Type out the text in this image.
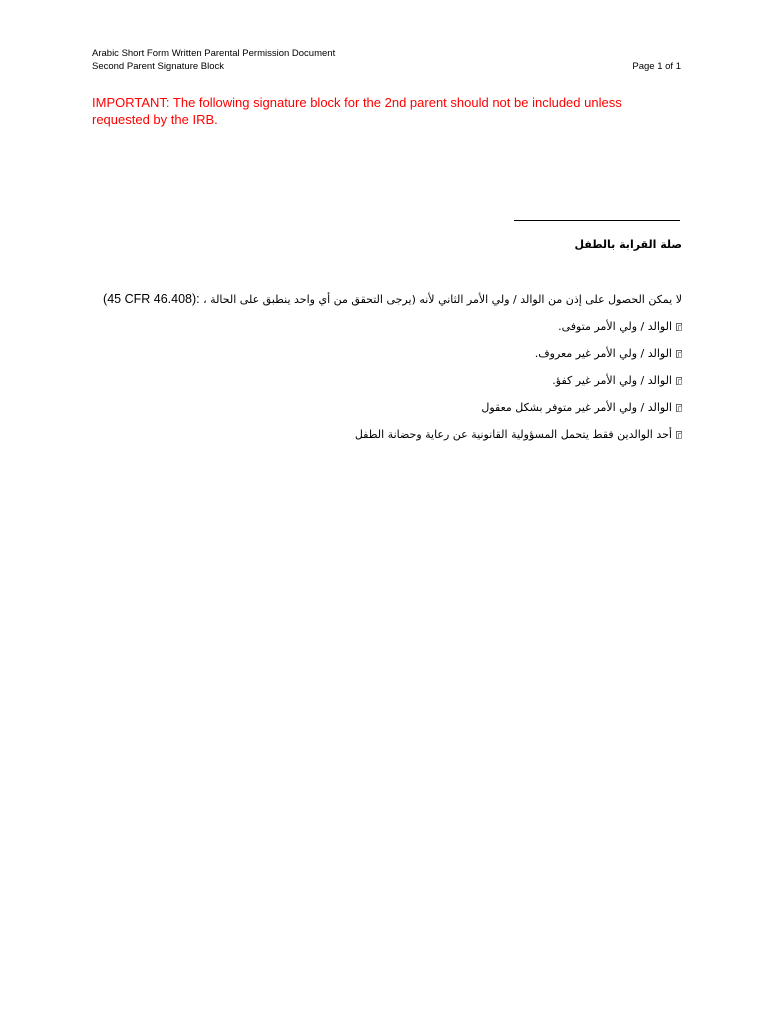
Arabic Short Form Written Parental Permission Document
Second Parent Signature Block	Page 1 of 1
IMPORTANT: The following signature block for the 2nd parent should not be included unless requested by the IRB.
صلة القرابة بالطفل
لا يمكن الحصول على إذن من الوالد / ولي الأمر الثاني لأنه (يرجى التحقق من أي واحد ينطبق على الحالة ، (45 CFR 46.408):
الوالد / ولي الأمر متوفى.
الوالد / ولي الأمر غير معروف.
الوالد / ولي الأمر غير كفؤ.
الوالد / ولي الأمر غير متوفر بشكل معقول
أحد الوالدين فقط يتحمل المسؤولية القانونية عن رعاية وحضانة الطفل
